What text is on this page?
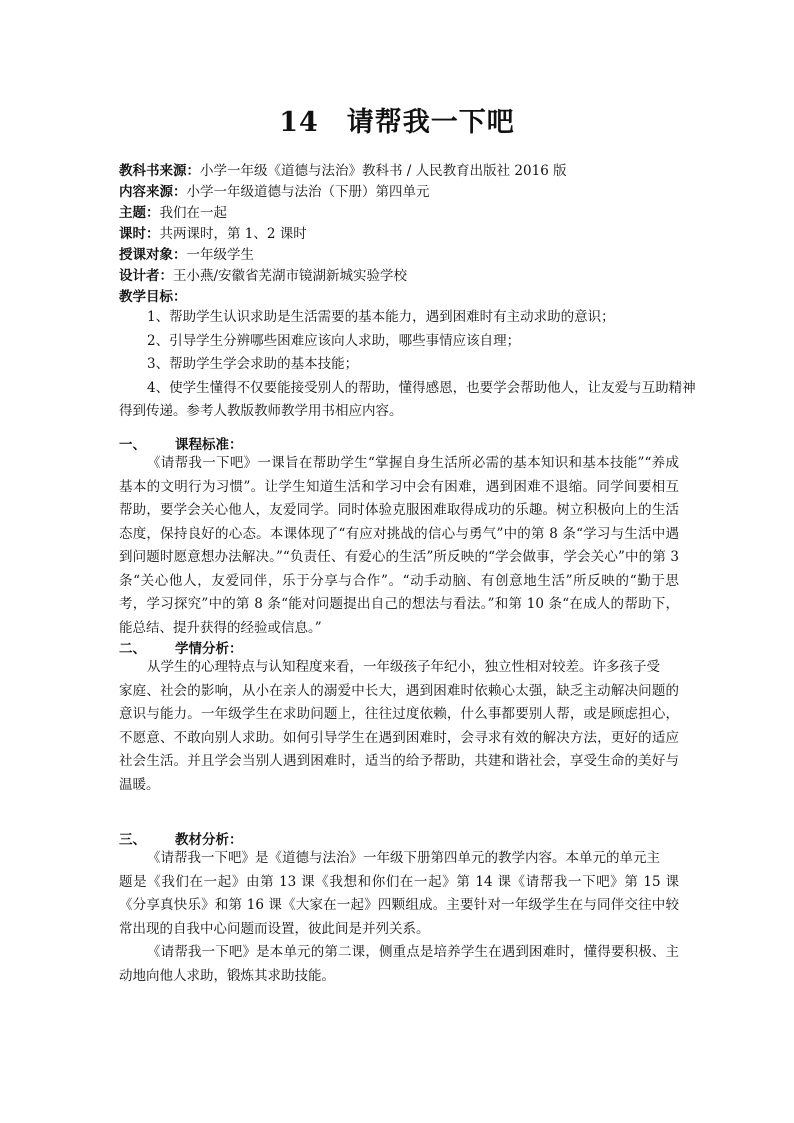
14　请帮我一下吧
教科书来源：小学一年级《道德与法治》教科书 / 人民教育出版社 2016 版
内容来源：小学一年级道德与法治（下册）第四单元
主题：我们在一起
课时：共两课时，第 1、2 课时
授课对象：一年级学生
设计者：王小燕/安徽省芜湖市镜湖新城实验学校
教学目标：

1、帮助学生认识求助是生活需要的基本能力，遇到困难时有主动求助的意识；

2、引导学生分辨哪些困难应该向人求助，哪些事情应该自理；

3、帮助学生学会求助的基本技能；

4、使学生懂得不仅要能接受别人的帮助，懂得感恩，也要学会帮助他人，让友爱与互助精神得到传递。参考人教版教师教学用书相应内容。

一、 课程标准：

《请帮我一下吧》一课旨在帮助学生“掌握自身生活所必需的基本知识和基本技能”“养成基本的文明行为习惯”。让学生知道生活和学习中会有困难，遇到困难不退缩。同学间要相互帮助，要学会关心他人，友爱同学。同时体验克服困难取得成功的乐趣。树立积极向上的生活态度，保持良好的心态。本课体现了“有应对挑战的信心与勇气”中的第 8 条“学习与生活中遇到问题时愿意想办法解决。”“负责任、有爱心的生活”所反映的“学会做事，学会关心”中的第 3 条“关心他人，友爱同伴，乐于分享与合作”。“动手动脑、有创意地生活”所反映的“勤于思考，学习探究”中的第 8 条“能对问题提出自己的想法与看法。”和第 10 条“在成人的帮助下，能总结、提升获得的经验或信息。”

二、 学情分析：

从学生的心理特点与认知程度来看，一年级孩子年纪小，独立性相对较差。许多孩子受

家庭、社会的影响，从小在亲人的溺爱中长大，遇到困难时依赖心太强，缺乏主动解决问题的意识与能力。一年级学生在求助问题上，往往过度依赖，什么事都要别人帮，或是顾虑担心，不愿意、不敢向别人求助。如何引导学生在遇到困难时，会寻求有效的解决方法，更好的适应社会生活。并且学会当别人遇到困难时，适当的给予帮助，共建和谐社会，享受生命的美好与温暖。

三、 教材分析：

《请帮我一下吧》是《道德与法治》一年级下册第四单元的教学内容。本单元的单元主

题是《我们在一起》由第 13 课《我想和你们在一起》第 14 课《请帮我一下吧》第 15 课《分享真快乐》和第 16 课《大家在一起》四颗组成。主要针对一年级学生在与同伴交往中较常出现的自我中心问题而设置，彼此间是并列关系。

《请帮我一下吧》是本单元的第二课，侧重点是培养学生在遇到困难时，懂得要积极、主动地向他人求助，锻炼其求助技能。
